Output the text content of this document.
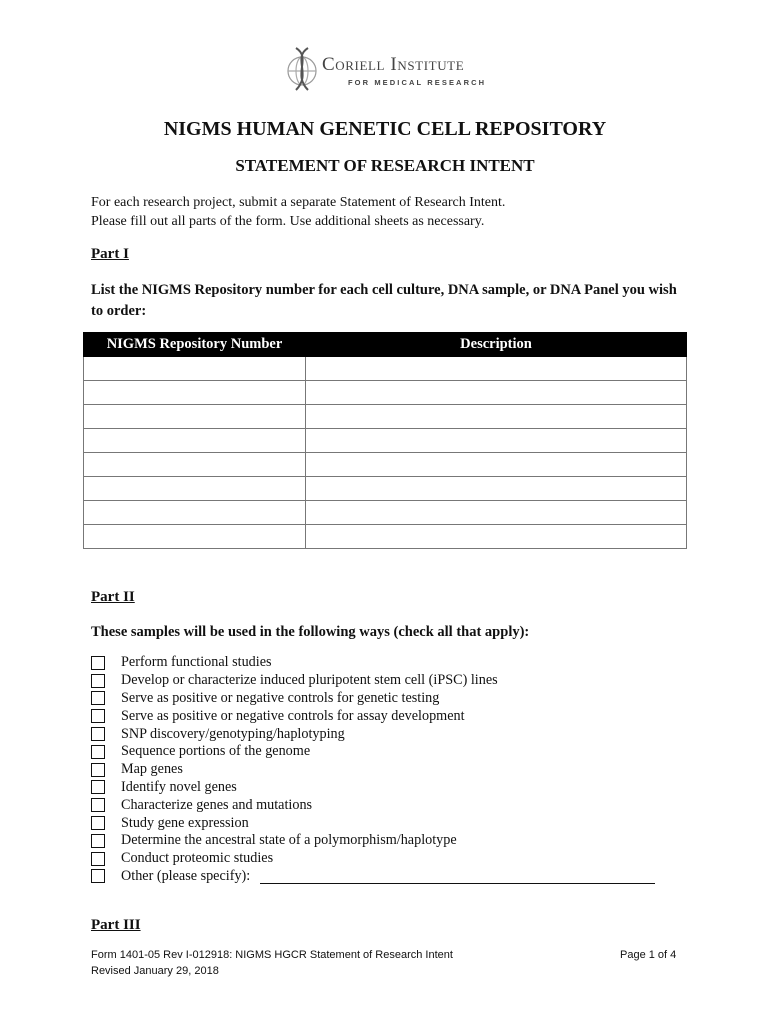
Coriell Institute
FOR MEDICAL RESEARCH
NIGMS HUMAN GENETIC CELL REPOSITORY
STATEMENT OF RESEARCH INTENT
For each research project, submit a separate Statement of Research Intent.
Please fill out all parts of the form. Use additional sheets as necessary.
Part I
List the NIGMS Repository number for each cell culture, DNA sample, or DNA Panel you wish to order:
NIGMS Repository Number	Description

Part II
These samples will be used in the following ways (check all that apply):
Perform functional studies
Develop or characterize induced pluripotent stem cell (iPSC) lines
Serve as positive or negative controls for genetic testing
Serve as positive or negative controls for assay development
SNP discovery/genotyping/haplotyping
Sequence portions of the genome
Map genes
Identify novel genes
Characterize genes and mutations
Study gene expression
Determine the ancestral state of a polymorphism/haplotype
Conduct proteomic studies
Other (please specify):
Part III
Form 1401-05 Rev I-012918: NIGMS HGCR Statement of Research Intent
Revised January 29, 2018
Page 1 of 4
